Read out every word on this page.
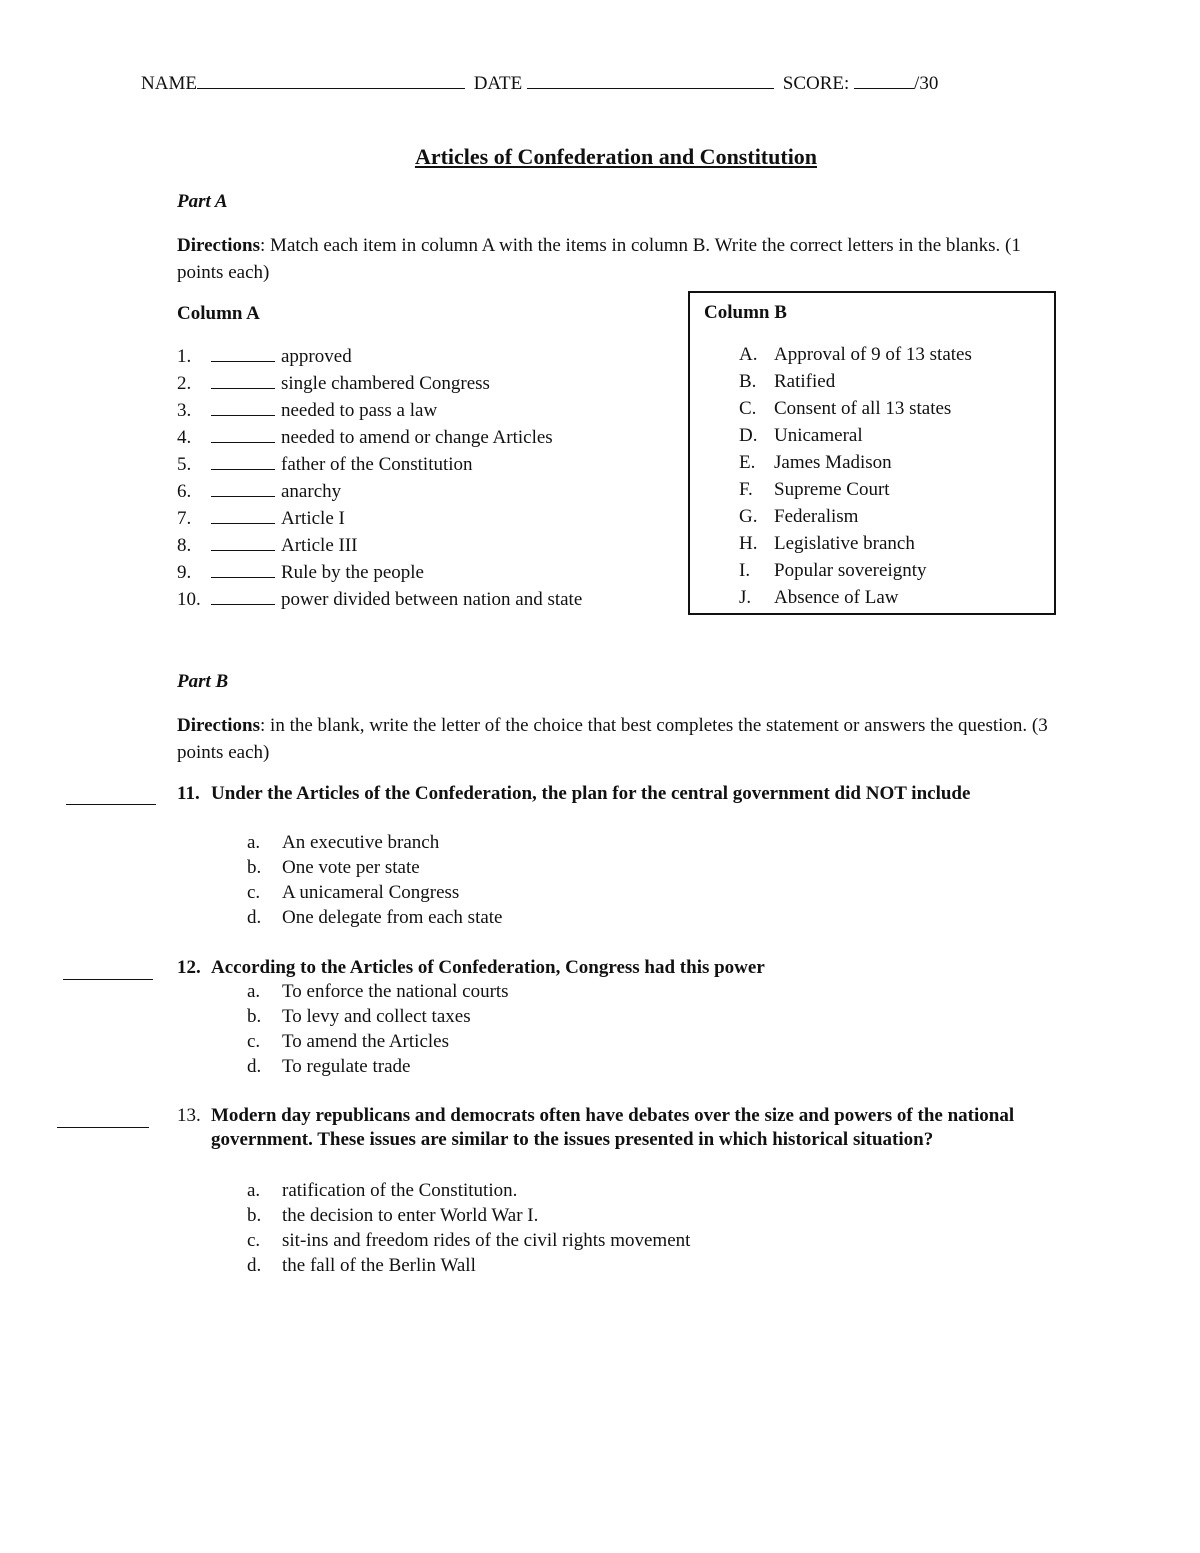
NAME	DATE	SCORE:	/30
Articles of Confederation and Constitution
Part A
Directions: Match each item in column A with the items in column B. Write the correct letters in the blanks. (1 points each)
Column A
1.	approved
2.	single chambered Congress
3.	needed to pass a law
4.	needed to amend or change Articles
5.	father of the Constitution
6.	anarchy
7.	Article I
8.	Article III
9.	Rule by the people
10.	power divided between nation and state
Column B
A. Approval of 9 of 13 states
B. Ratified
C. Consent of all 13 states
D. Unicameral
E. James Madison
F. Supreme Court
G. Federalism
H. Legislative branch
I. Popular sovereignty
J. Absence of Law
Part B
Directions: in the blank, write the letter of the choice that best completes the statement or answers the question. (3 points each)
11. Under the Articles of the Confederation, the plan for the central government did NOT include
a. An executive branch
b. One vote per state
c. A unicameral Congress
d. One delegate from each state
12. According to the Articles of Confederation, Congress had this power
a. To enforce the national courts
b. To levy and collect taxes
c. To amend the Articles
d. To regulate trade
13. Modern day republicans and democrats often have debates over the size and powers of the national government. These issues are similar to the issues presented in which historical situation?
a. ratification of the Constitution.
b. the decision to enter World War I.
c. sit-ins and freedom rides of the civil rights movement
d. the fall of the Berlin Wall
